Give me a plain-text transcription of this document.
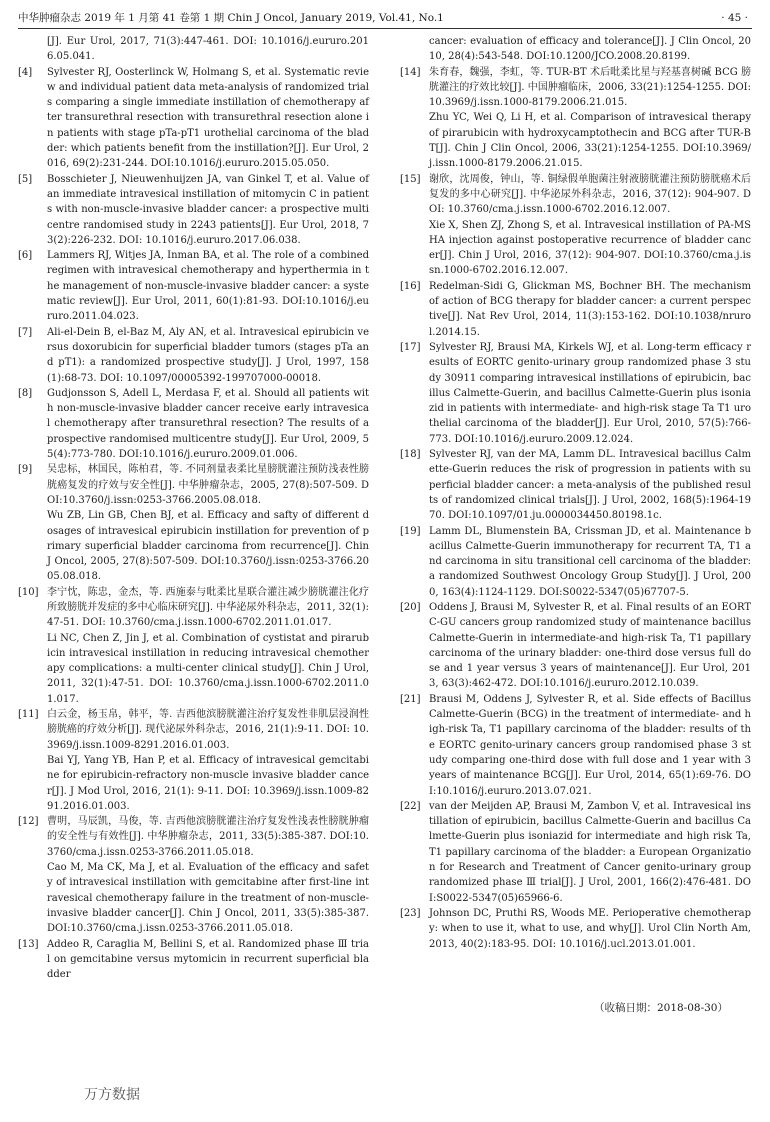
中华肿瘤杂志 2019 年 1 月第 41 卷第 1 期 Chin J Oncol, January 2019, Vol.41, No.1	· 45 ·

[J]. Eur Urol, 2017, 71(3):447-461. DOI: 10.1016/j.eururo.2016.05.041.

[4] Sylvester RJ, Oosterlinck W, Holmang S, et al. Systematic review and individual patient data meta-analysis of randomized trials comparing a single immediate instillation of chemotherapy after transurethral resection with transurethral resection alone in patients with stage pTa-pT1 urothelial carcinoma of the bladder: which patients benefit from the instillation?[J]. Eur Urol, 2016, 69(2):231-244. DOI:10.1016/j.eururo.2015.05.050.

[5] Bosschieter J, Nieuwenhuijzen JA, van Ginkel T, et al. Value of an immediate intravesical instillation of mitomycin C in patients with non-muscle-invasive bladder cancer: a prospective multicentre randomised study in 2243 patients[J]. Eur Urol, 2018, 73(2):226-232. DOI: 10.1016/j.eururo.2017.06.038.

[6] Lammers RJ, Witjes JA, Inman BA, et al. The role of a combined regimen with intravesical chemotherapy and hyperthermia in the management of non-muscle-invasive bladder cancer: a systematic review[J]. Eur Urol, 2011, 60(1):81-93. DOI:10.1016/j.eururo.2011.04.023.

[7] Ali-el-Dein B, el-Baz M, Aly AN, et al. Intravesical epirubicin versus doxorubicin for superficial bladder tumors (stages pTa and pT1): a randomized prospective study[J]. J Urol, 1997, 158(1):68-73. DOI: 10.1097/00005392-199707000-00018.

[8] Gudjonsson S, Adell L, Merdasa F, et al. Should all patients with non-muscle-invasive bladder cancer receive early intravesical chemotherapy after transurethral resection? The results of a prospective randomised multicentre study[J]. Eur Urol, 2009, 55(4):773-780. DOI:10.1016/j.eururo.2009.01.006.

[9] 吴忠标，林国民，陈柏君，等. 不同剂量表柔比星膀胱灌注预防浅表性膀胱癌复发的疗效与安全性[J]. 中华肿瘤杂志，2005, 27(8):507-509. DOI:10.3760/j.issn:0253-3766.2005.08.018.

Wu ZB, Lin GB, Chen BJ, et al. Efficacy and safty of different dosages of intravesical epirubicin instillation for prevention of primary superficial bladder carcinoma from recurrence[J]. Chin J Oncol, 2005, 27(8):507-509. DOI:10.3760/j.issn:0253-3766.2005.08.018.

[10] 李宁忱，陈忠，金杰，等. 西施泰与吡柔比星联合灌注减少膀胱灌注化疗所致膀胱并发症的多中心临床研究[J]. 中华泌尿外科杂志，2011, 32(1):47-51. DOI: 10.3760/cma.j.issn.1000-6702.2011.01.017.

Li NC, Chen Z, Jin J, et al. Combination of cystistat and pirarubicin intravesical instillation in reducing intravesical chemotherapy complications: a multi-center clinical study[J]. Chin J Urol, 2011, 32(1):47-51. DOI: 10.3760/cma.j.issn.1000-6702.2011.01.017.

[11] 白云金，杨玉帛，韩平，等. 吉西他滨膀胱灌注治疗复发性非肌层浸润性膀胱癌的疗效分析[J]. 现代泌尿外科杂志，2016, 21(1):9-11. DOI: 10.3969/j.issn.1009-8291.2016.01.003.

Bai YJ, Yang YB, Han P, et al. Efficacy of intravesical gemcitabine for epirubicin-refractory non-muscle invasive bladder cancer[J]. J Mod Urol, 2016, 21(1): 9-11. DOI: 10.3969/j.issn.1009-8291.2016.01.003.

[12] 曹明，马辰凯，马俊，等. 吉西他滨膀胱灌注治疗复发性浅表性膀胱肿瘤的安全性与有效性[J]. 中华肿瘤杂志，2011, 33(5):385-387. DOI:10.3760/cma.j.issn.0253-3766.2011.05.018.

Cao M, Ma CK, Ma J, et al. Evaluation of the efficacy and safety of intravesical instillation with gemcitabine after first-line intravesical chemotherapy failure in the treatment of non-muscle-invasive bladder cancer[J]. Chin J Oncol, 2011, 33(5):385-387. DOI:10.3760/cma.j.issn.0253-3766.2011.05.018.

[13] Addeo R, Caraglia M, Bellini S, et al. Randomized phase Ⅲ trial on gemcitabine versus mytomicin in recurrent superficial bladder

cancer: evaluation of efficacy and tolerance[J]. J Clin Oncol, 2010, 28(4):543-548. DOI:10.1200/JCO.2008.20.8199.

[14] 朱育春，魏强，李虹，等. TUR-BT 术后吡柔比星与羟基喜树碱 BCG 膀胱灌注的疗效比较[J]. 中国肿瘤临床，2006, 33(21):1254-1255. DOI:10.3969/j.issn.1000-8179.2006.21.015.

Zhu YC, Wei Q, Li H, et al. Comparison of intravesical therapy of pirarubicin with hydroxycamptothecin and BCG after TUR-BT[J]. Chin J Clin Oncol, 2006, 33(21):1254-1255. DOI:10.3969/j.issn.1000-8179.2006.21.015.

[15] 谢欣，沈周俊，钟山，等. 铜绿假单胞菌注射液膀胱灌注预防膀胱癌术后复发的多中心研究[J]. 中华泌尿外科杂志，2016, 37(12): 904-907. DOI: 10.3760/cma.j.issn.1000-6702.2016.12.007.

Xie X, Shen ZJ, Zhong S, et al. Intravesical instillation of PA-MSHA injection against postoperative recurrence of bladder cancer[J]. Chin J Urol, 2016, 37(12): 904-907. DOI:10.3760/cma.j.issn.1000-6702.2016.12.007.

[16] Redelman-Sidi G, Glickman MS, Bochner BH. The mechanism of action of BCG therapy for bladder cancer: a current perspective[J]. Nat Rev Urol, 2014, 11(3):153-162. DOI:10.1038/nrurol.2014.15.

[17] Sylvester RJ, Brausi MA, Kirkels WJ, et al. Long-term efficacy results of EORTC genito-urinary group randomized phase 3 study 30911 comparing intravesical instillations of epirubicin, bacillus Calmette-Guerin, and bacillus Calmette-Guerin plus isoniazid in patients with intermediate- and high-risk stage Ta T1 urothelial carcinoma of the bladder[J]. Eur Urol, 2010, 57(5):766-773. DOI:10.1016/j.eururo.2009.12.024.

[18] Sylvester RJ, van der MA, Lamm DL. Intravesical bacillus Calmette-Guerin reduces the risk of progression in patients with superficial bladder cancer: a meta-analysis of the published results of randomized clinical trials[J]. J Urol, 2002, 168(5):1964-1970. DOI:10.1097/01.ju.0000034450.80198.1c.

[19] Lamm DL, Blumenstein BA, Crissman JD, et al. Maintenance bacillus Calmette-Guerin immunotherapy for recurrent TA, T1 and carcinoma in situ transitional cell carcinoma of the bladder: a randomized Southwest Oncology Group Study[J]. J Urol, 2000, 163(4):1124-1129. DOI:S0022-5347(05)67707-5.

[20] Oddens J, Brausi M, Sylvester R, et al. Final results of an EORTC-GU cancers group randomized study of maintenance bacillus Calmette-Guerin in intermediate-and high-risk Ta, T1 papillary carcinoma of the urinary bladder: one-third dose versus full dose and 1 year versus 3 years of maintenance[J]. Eur Urol, 2013, 63(3):462-472. DOI:10.1016/j.eururo.2012.10.039.

[21] Brausi M, Oddens J, Sylvester R, et al. Side effects of Bacillus Calmette-Guerin (BCG) in the treatment of intermediate- and high-risk Ta, T1 papillary carcinoma of the bladder: results of the EORTC genito-urinary cancers group randomised phase 3 study comparing one-third dose with full dose and 1 year with 3 years of maintenance BCG[J]. Eur Urol, 2014, 65(1):69-76. DOI:10.1016/j.eururo.2013.07.021.

[22] van der Meijden AP, Brausi M, Zambon V, et al. Intravesical instillation of epirubicin, bacillus Calmette-Guerin and bacillus Calmette-Guerin plus isoniazid for intermediate and high risk Ta, T1 papillary carcinoma of the bladder: a European Organization for Research and Treatment of Cancer genito-urinary group randomized phase Ⅲ trial[J]. J Urol, 2001, 166(2):476-481. DOI:S0022-5347(05)65966-6.

[23] Johnson DC, Pruthi RS, Woods ME. Perioperative chemotherapy: when to use it, what to use, and why[J]. Urol Clin North Am, 2013, 40(2):183-95. DOI: 10.1016/j.ucl.2013.01.001.

（收稿日期：2018-08-30）
万方数据
